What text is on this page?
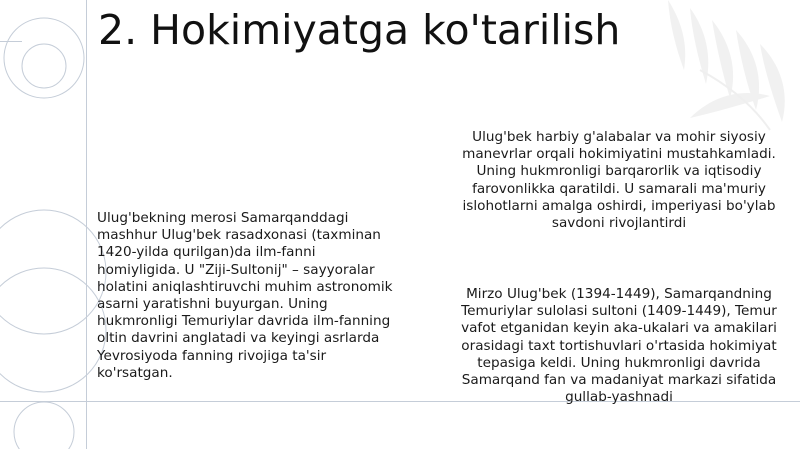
2. Hokimiyatga ko'tarilish

Ulug'bekning merosi Samarqanddagi mashhur Ulug'bek rasadxonasi (taxminan 1420-yilda qurilgan)da ilm-fanni homiyligida. U "Ziji-Sultonij" – sayyoralar holatini aniqlashtiruvchi muhim astronomik asarni yaratishni buyurgan. Uning hukmronligi Temuriylar davrida ilm-fanning oltin davrini anglatadi va keyingi asrlarda Yevrosiyoda fanning rivojiga ta'sir ko'rsatgan.

Ulug'bek harbiy g'alabalar va mohir siyosiy manevrlar orqali hokimiyatini mustahkamladi. Uning hukmronligi barqarorlik va iqtisodiy farovonlikka qaratildi. U samarali ma'muriy islohotlarni amalga oshirdi, imperiyasi bo'ylab savdoni rivojlantirdi

Mirzo Ulug'bek (1394-1449), Samarqandning Temuriylar sulolasi sultoni (1409-1449), Temur vafot etganidan keyin aka-ukalari va amakilari orasidagi taxt tortishuvlari o'rtasida hokimiyat tepasiga keldi. Uning hukmronligi davrida Samarqand fan va madaniyat markazi sifatida gullab-yashnadi
